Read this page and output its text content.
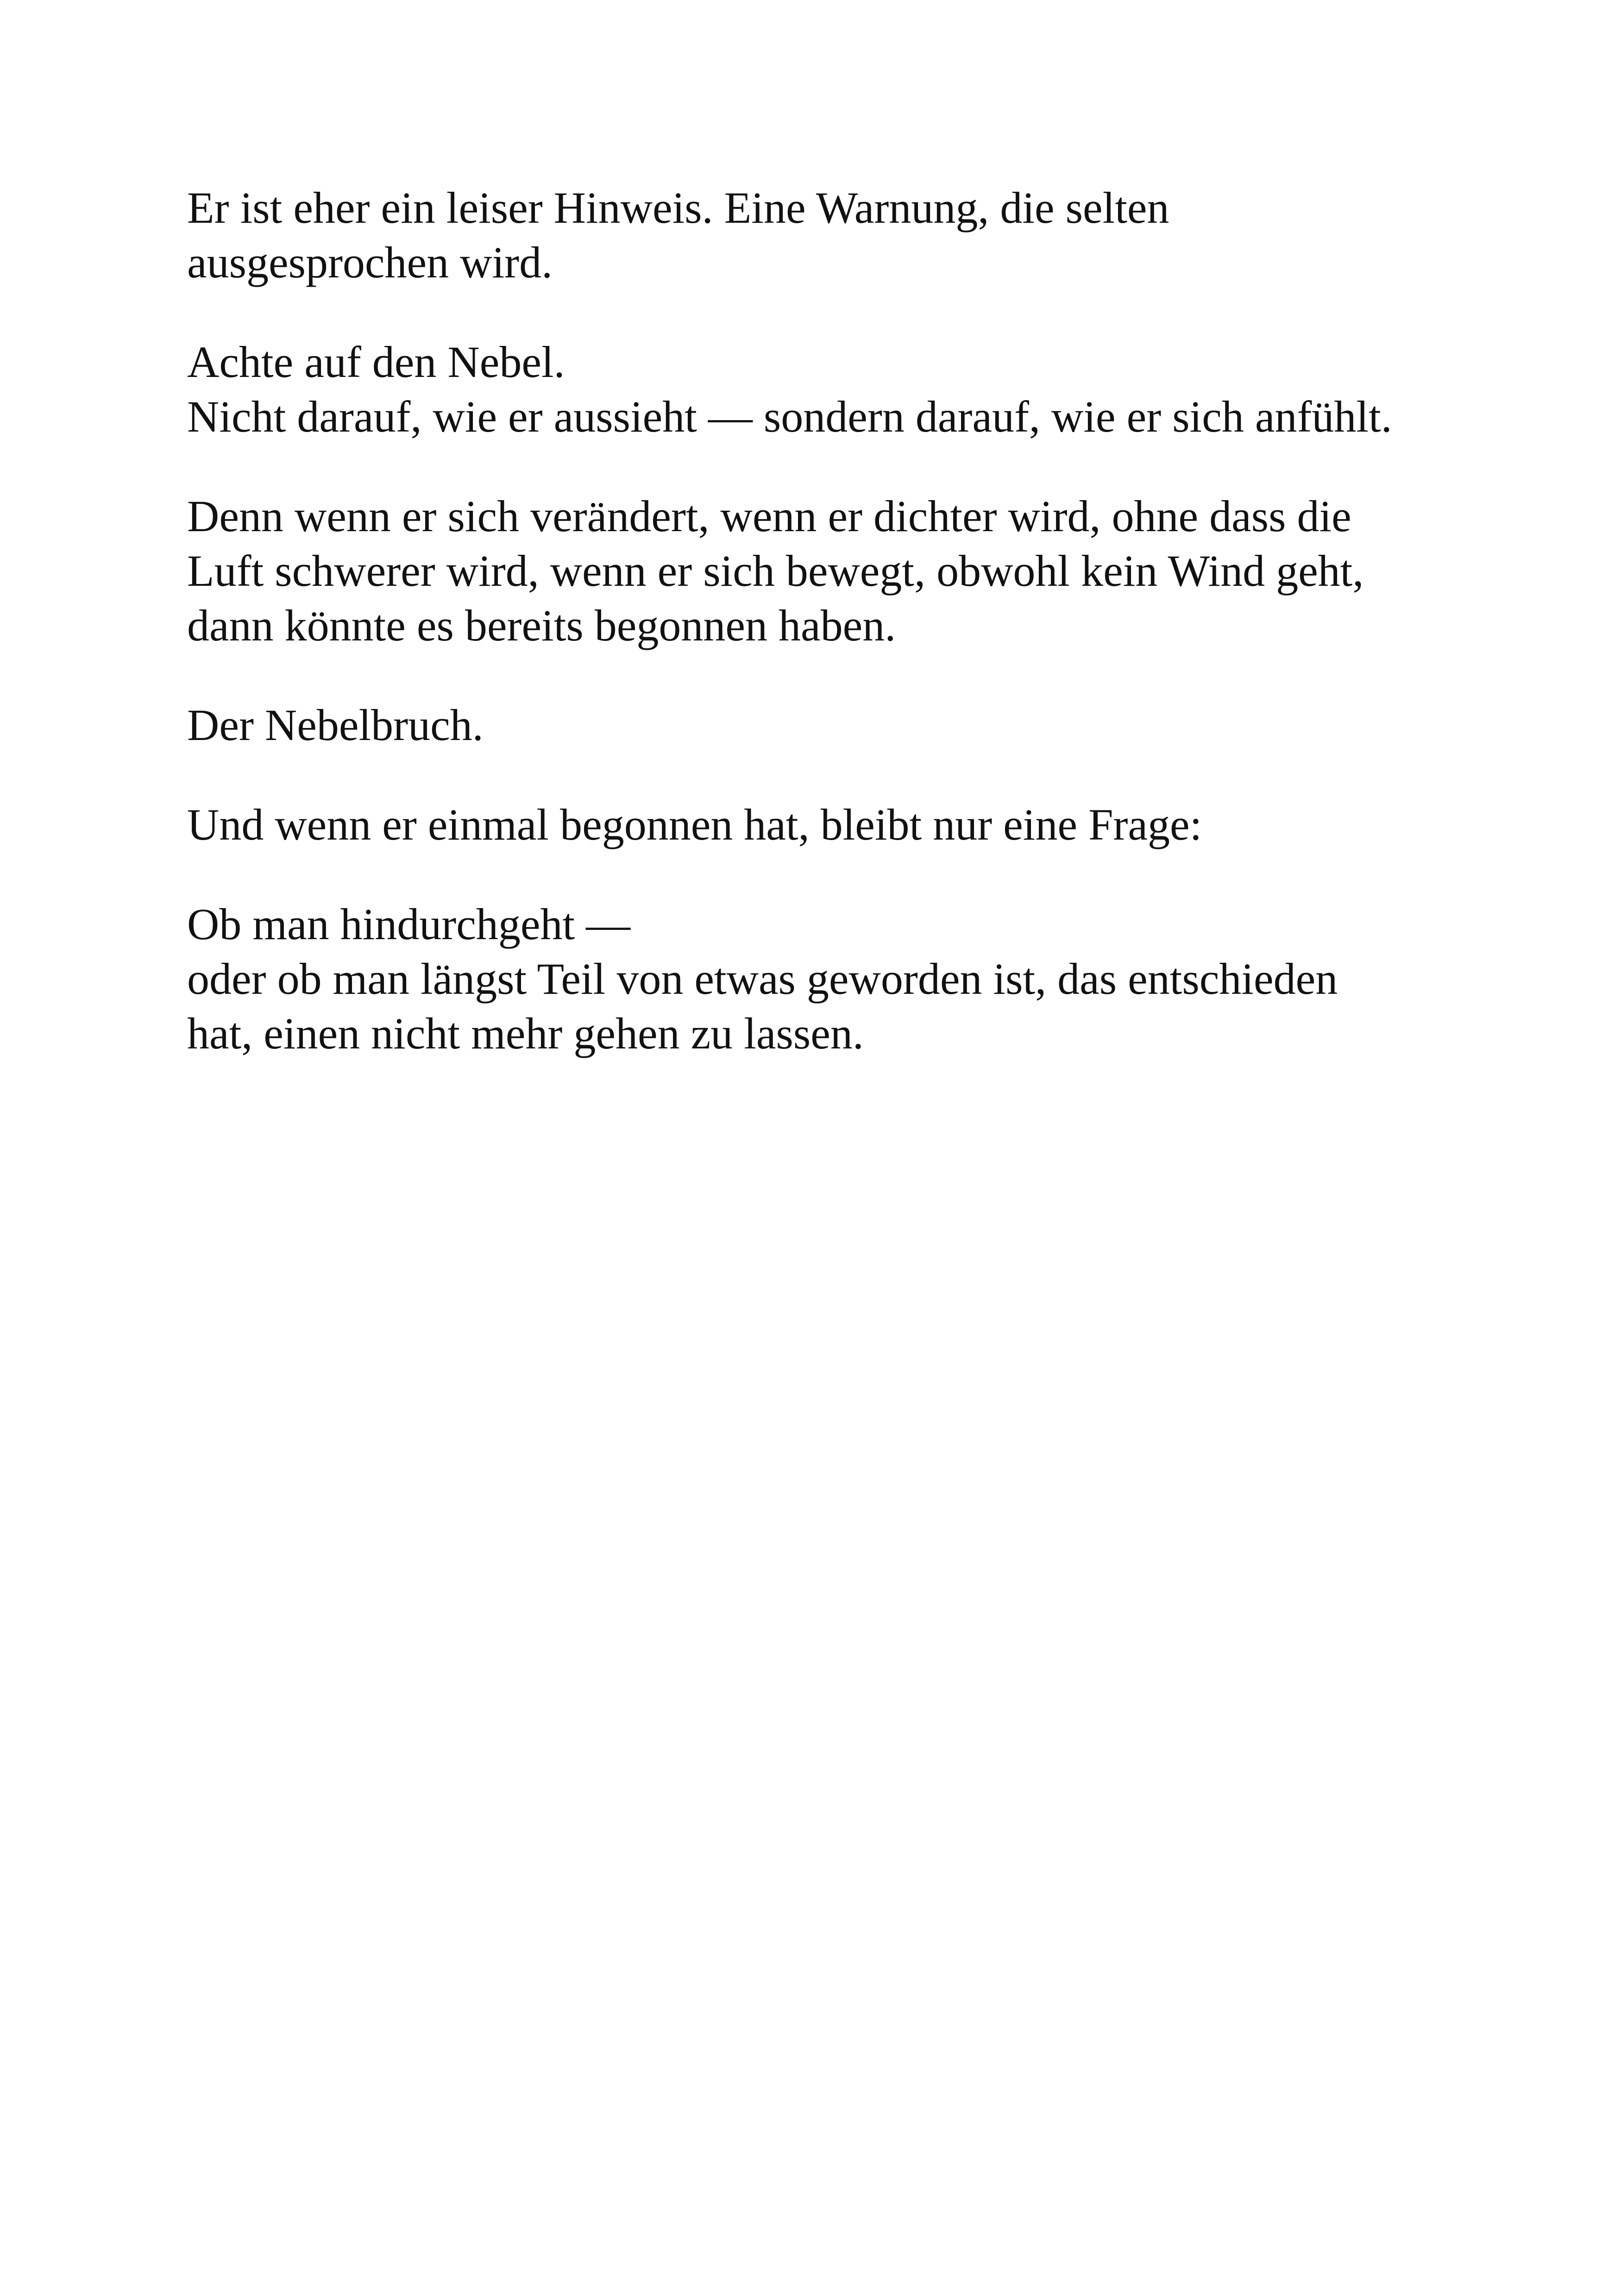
Er ist eher ein leiser Hinweis. Eine Warnung, die selten
ausgesprochen wird.

Achte auf den Nebel.
Nicht darauf, wie er aussieht — sondern darauf, wie er sich anfühlt.

Denn wenn er sich verändert, wenn er dichter wird, ohne dass die
Luft schwerer wird, wenn er sich bewegt, obwohl kein Wind geht,
dann könnte es bereits begonnen haben.

Der Nebelbruch.

Und wenn er einmal begonnen hat, bleibt nur eine Frage:

Ob man hindurchgeht —
oder ob man längst Teil von etwas geworden ist, das entschieden
hat, einen nicht mehr gehen zu lassen.
